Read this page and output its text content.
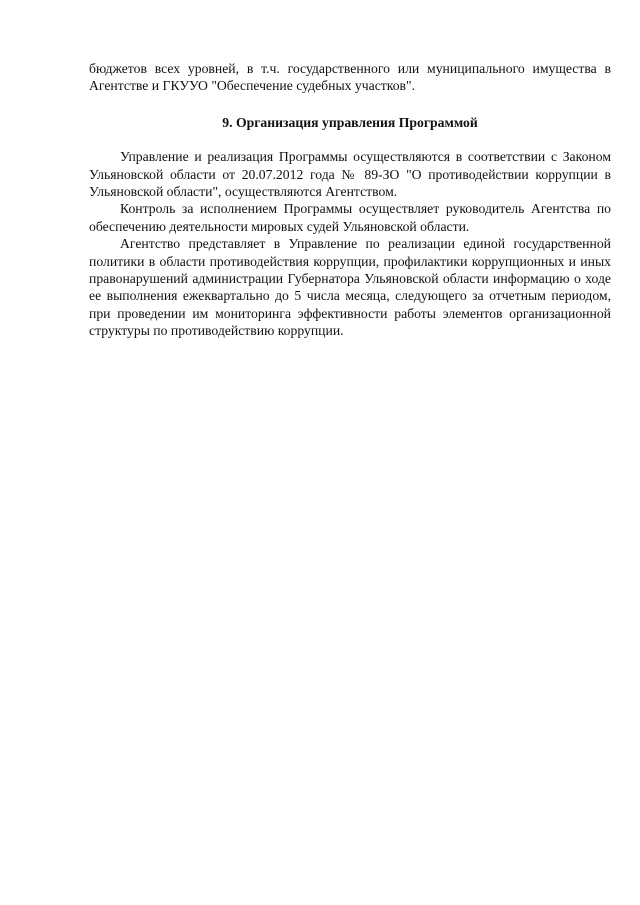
бюджетов всех уровней, в т.ч. государственного или муниципального имущества в Агентстве и ГКУУО "Обеспечение судебных участков".

9. Организация управления Программой

Управление и реализация Программы осуществляются в соответствии с Законом Ульяновской области от 20.07.2012 года № 89-ЗО "О противодействии коррупции в Ульяновской области", осуществляются Агентством.

Контроль за исполнением Программы осуществляет руководитель Агентства по обеспечению деятельности мировых судей Ульяновской области.

Агентство представляет в Управление по реализации единой государственной политики в области противодействия коррупции, профилактики коррупционных и иных правонарушений администрации Губернатора Ульяновской области информацию о ходе ее выполнения ежеквартально до 5 числа месяца, следующего за отчетным периодом, при проведении им мониторинга эффективности работы элементов организационной структуры по противодействию коррупции.
